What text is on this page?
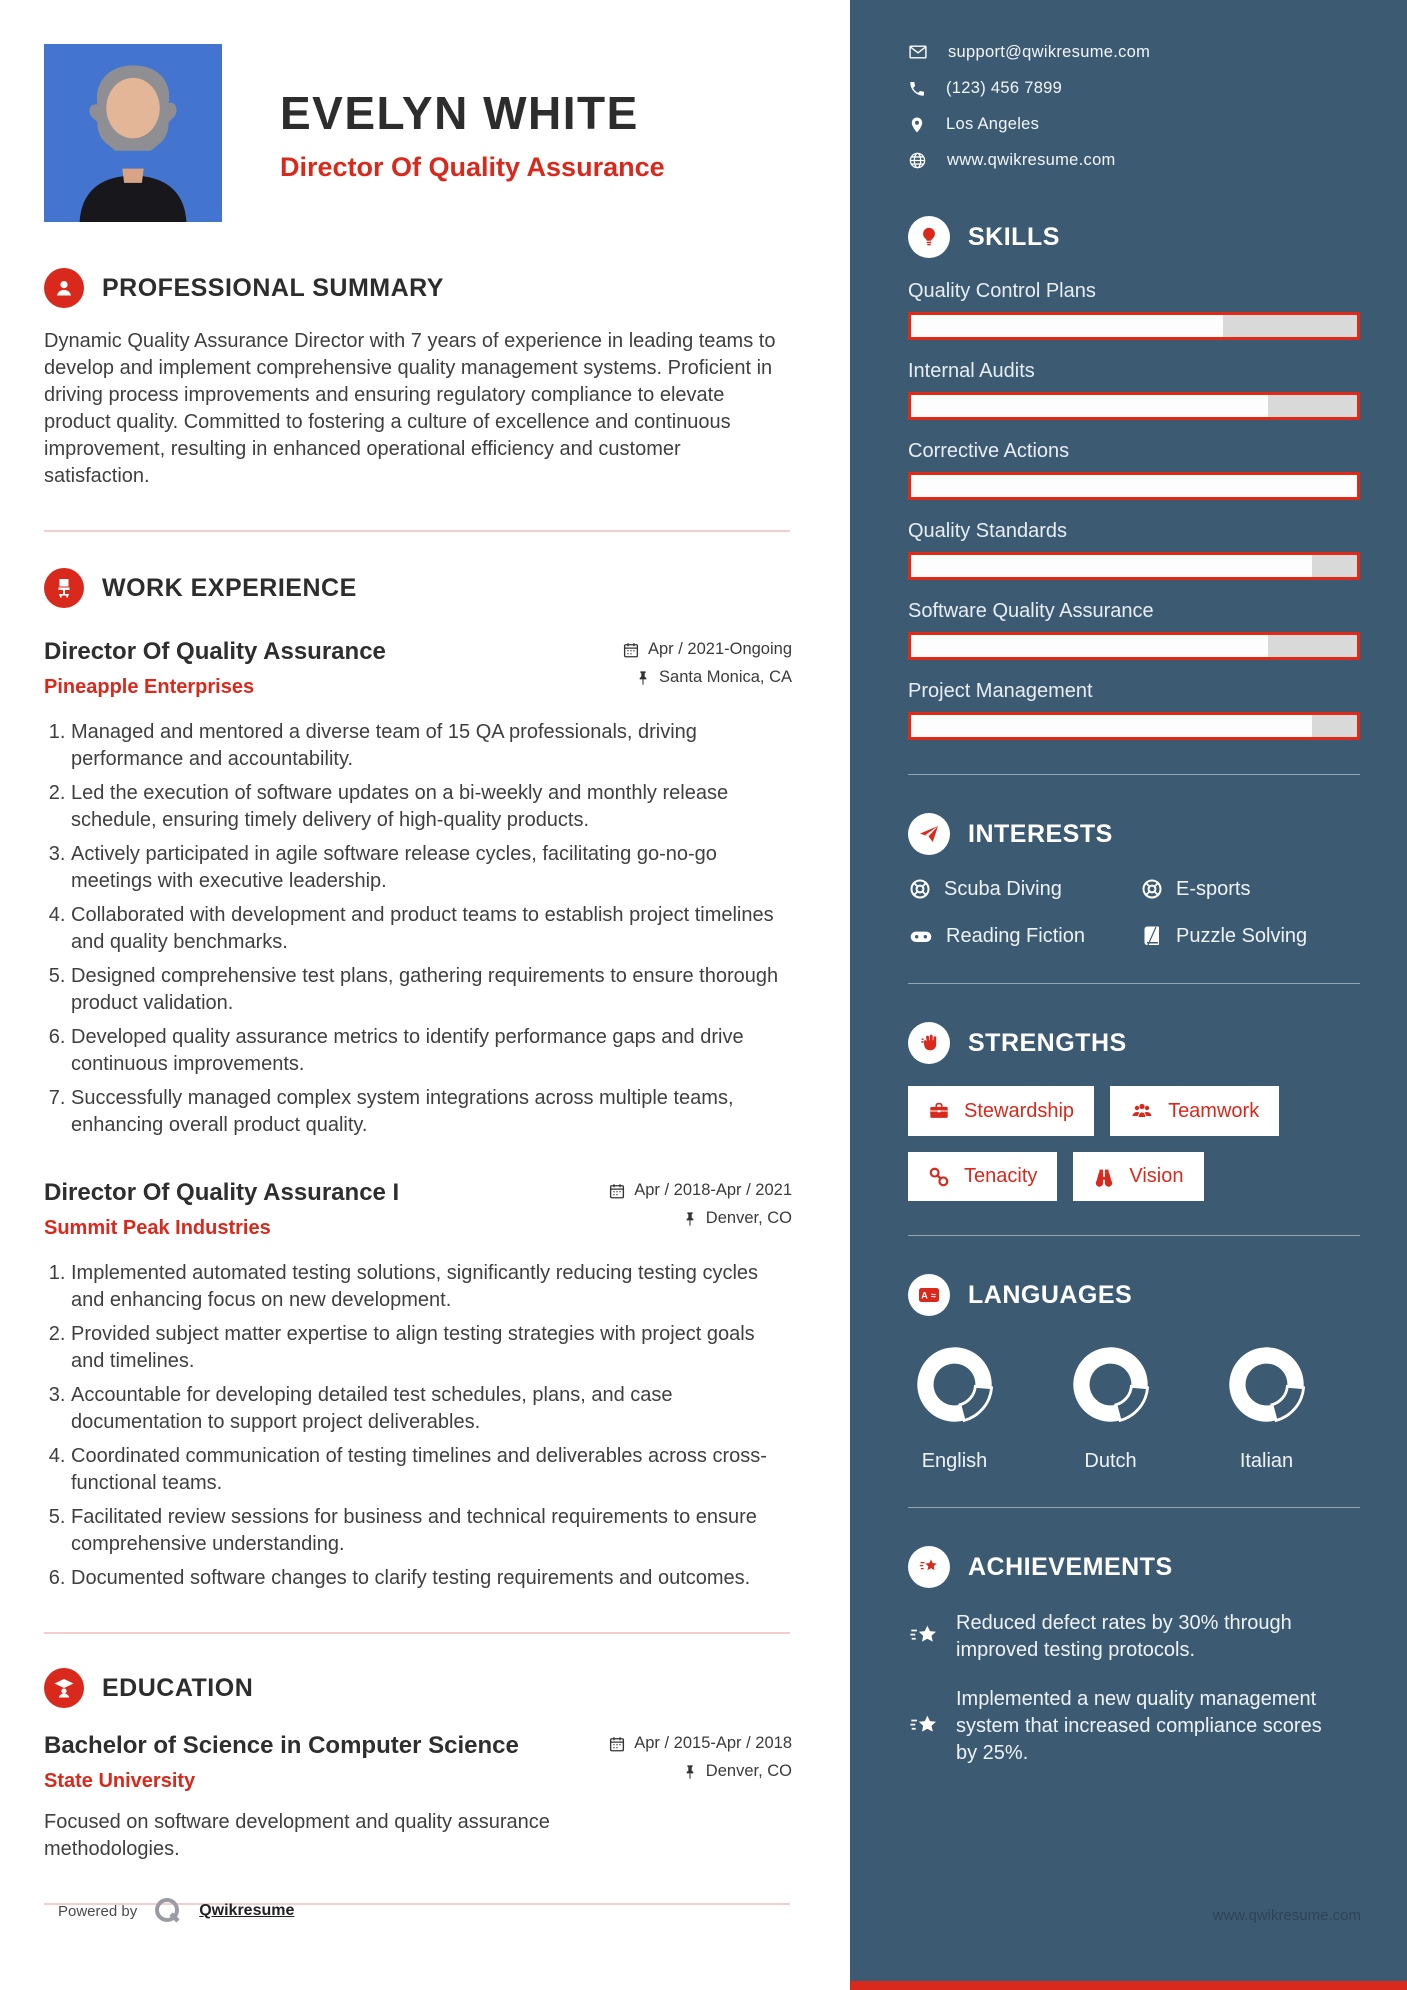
EVELYN WHITE
Director Of Quality Assurance
PROFESSIONAL SUMMARY

Dynamic Quality Assurance Director with 7 years of experience in leading teams to develop and implement comprehensive quality management systems. Proficient in driving process improvements and ensuring regulatory compliance to elevate product quality. Committed to fostering a culture of excellence and continuous improvement, resulting in enhanced operational efficiency and customer satisfaction.

WORK EXPERIENCE
Director Of Quality Assurance
Pineapple Enterprises
Apr / 2021-Ongoing
Santa Monica, CA
1. Managed and mentored a diverse team of 15 QA professionals, driving performance and accountability.
2. Led the execution of software updates on a bi-weekly and monthly release schedule, ensuring timely delivery of high-quality products.
3. Actively participated in agile software release cycles, facilitating go-no-go meetings with executive leadership.
4. Collaborated with development and product teams to establish project timelines and quality benchmarks.
5. Designed comprehensive test plans, gathering requirements to ensure thorough product validation.
6. Developed quality assurance metrics to identify performance gaps and drive continuous improvements.
7. Successfully managed complex system integrations across multiple teams, enhancing overall product quality.
Director Of Quality Assurance I
Summit Peak Industries
Apr / 2018-Apr / 2021
Denver, CO
1. Implemented automated testing solutions, significantly reducing testing cycles and enhancing focus on new development.
2. Provided subject matter expertise to align testing strategies with project goals and timelines.
3. Accountable for developing detailed test schedules, plans, and case documentation to support project deliverables.
4. Coordinated communication of testing timelines and deliverables across cross-functional teams.
5. Facilitated review sessions for business and technical requirements to ensure comprehensive understanding.
6. Documented software changes to clarify testing requirements and outcomes.
EDUCATION
Bachelor of Science in Computer Science
State University
Apr / 2015-Apr / 2018
Denver, CO

Focused on software development and quality assurance methodologies.

Powered by	Qwikresume
support@qwikresume.com
(123) 456 7899
Los Angeles
www.qwikresume.com
SKILLS
Quality Control Plans
Internal Audits
Corrective Actions
Quality Standards
Software Quality Assurance
Project Management
INTERESTS
Scuba Diving	E-sports
Reading Fiction	Puzzle Solving
STRENGTHS
Stewardship	Teamwork
Tenacity	Vision
A ≈ LANGUAGES
English	Dutch	Italian
ACHIEVEMENTS
Reduced defect rates by 30% through improved testing protocols.
Implemented a new quality management system that increased compliance scores by 25%.
www.qwikresume.com
